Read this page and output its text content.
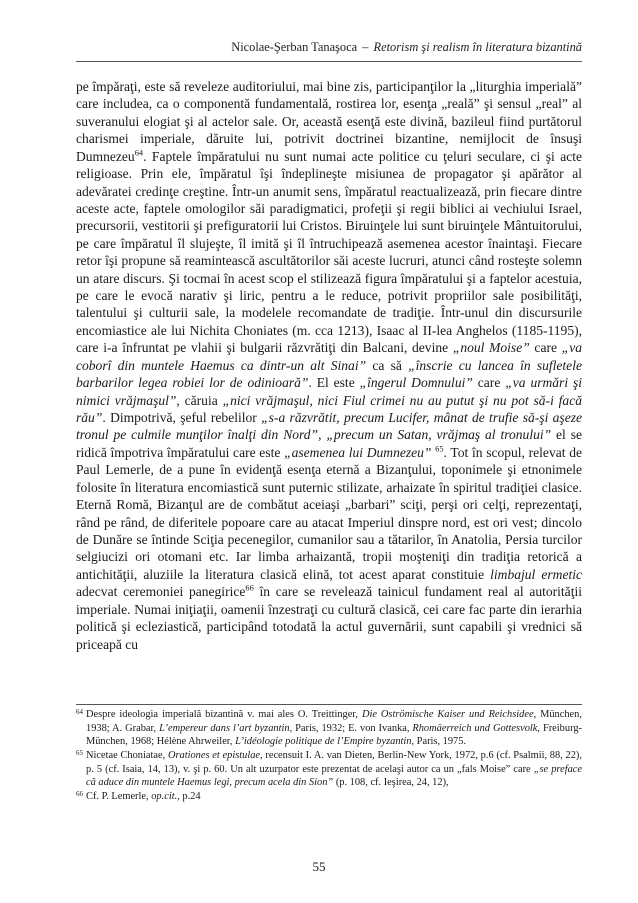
Nicolae-Şerban Tanaşoca – Retorism şi realism în literatura bizantină

pe împăraţi, este să reveleze auditoriului, mai bine zis, participanţilor la „liturghia imperială” care includea, ca o componentă fundamentală, rostirea lor, esenţa „reală” şi sensul „real” al suveranului elogiat şi al actelor sale. Or, această esenţă este divină, bazileul fiind purtătorul charismei imperiale, dăruite lui, potrivit doctrinei bizantine, nemijlocit de însuşi Dumnezeu$^{64}$. Faptele împăratului nu sunt numai acte politice cu ţeluri seculare, ci şi acte religioase. Prin ele, împăratul îşi îndeplineşte misiunea de propagator şi apărător al adevăratei credinţe creştine. Într-un anumit sens, împăratul reactualizează, prin fiecare dintre aceste acte, faptele omologilor săi paradigmatici, profeţii şi regii biblici ai vechiului Israel, precursorii, vestitorii şi prefiguratorii lui Cristos. Biruinţele lui sunt biruinţele Mântuitorului, pe care împăratul îl slujeşte, îl imită şi îl întruchipează asemenea acestor înaintaşi. Fiecare retor îşi propune să reamintească ascultătorilor săi aceste lucruri, atunci când rosteşte solemn un atare discurs. Şi tocmai în acest scop el stilizează figura împăratului şi a faptelor acestuia, pe care le evocă narativ şi liric, pentru a le reduce, potrivit propriilor sale posibilităţi, talentului şi culturii sale, la modelele recomandate de tradiţie. Într-unul din discursurile encomiastice ale lui Nichita Choniates (m. cca 1213), Isaac al II-lea Anghelos (1185-1195), care i-a înfruntat pe vlahii şi bulgarii răzvrătiţi din Balcani, devine „noul Moise” care „va coborî din muntele Haemus ca dintr-un alt Sinai” ca să „înscrie cu lancea în sufletele barbarilor legea robiei lor de odinioară”. El este „îngerul Domnului” care „va urmări şi nimici vrăjmaşul”, căruia „nici vrăjmaşul, nici Fiul crimei nu au putut şi nu pot să-i facă rău”. Dimpotrivă, şeful rebelilor „s-a răzvrătit, precum Lucifer, mânat de trufie să-şi aşeze tronul pe culmile munţilor înalţi din Nord”, „precum un Satan, vrăjmaş al tronului” el se ridică împotriva împăratului care este „asemenea lui Dumnezeu” $^{65}$. Tot în scopul, relevat de Paul Lemerle, de a pune în evidenţă esenţa eternă a Bizanţului, toponimele şi etnonimele folosite în literatura encomiastică sunt puternic stilizate, arhaizate în spiritul tradiţiei clasice. Eternă Romă, Bizanţul are de combătut aceiaşi „barbari” sciţi, perşi ori celţi, reprezentaţi, rând pe rând, de diferitele popoare care au atacat Imperiul dinspre nord, est ori vest; dincolo de Dunăre se întinde Sciţia pecenegilor, cumanilor sau a tătarilor, în Anatolia, Persia turcilor selgiucizi ori otomani etc. Iar limba arhaizantă, tropii moşteniţi din tradiţia retorică a antichităţii, aluziile la literatura clasică elină, tot acest aparat constituie limbajul ermetic adecvat ceremoniei panegirice$^{66}$ în care se revelează tainicul fundament real al autorităţii imperiale. Numai iniţiaţii, oamenii înzestraţi cu cultură clasică, cei care fac parte din ierarhia politică şi ecleziastică, participând totodată la actul guvernării, sunt capabili şi vrednici să priceapă cu

64 Despre ideologia imperială bizantină v. mai ales O. Treittinger, Die Oströmische Kaiser und Reichsidee, München, 1938; A. Grabar, L’empereur dans l’art byzantin, Paris, 1932; E. von Ivanka, Rhomäerreich und Gottesvolk, Freiburg-München, 1968; Hélène Ahrweiler, L’idéologie politique de l’Empire byzantin, Paris, 1975.
65 Nicetae Choniatae, Orationes et epistulae, recensuit I. A. van Dieten, Berlin-New York, 1972, p.6 (cf. Psalmii, 88, 22), p. 5 (cf. Isaia, 14, 13), v. şi p. 60. Un alt uzurpator este prezentat de acelaşi autor ca un „fals Moise” care „se preface că aduce din muntele Haemus legi, precum acela din Sion” (p. 108, cf. Ieşirea, 24, 12),
66 Cf. P. Lemerle, op.cit., p.24
55
